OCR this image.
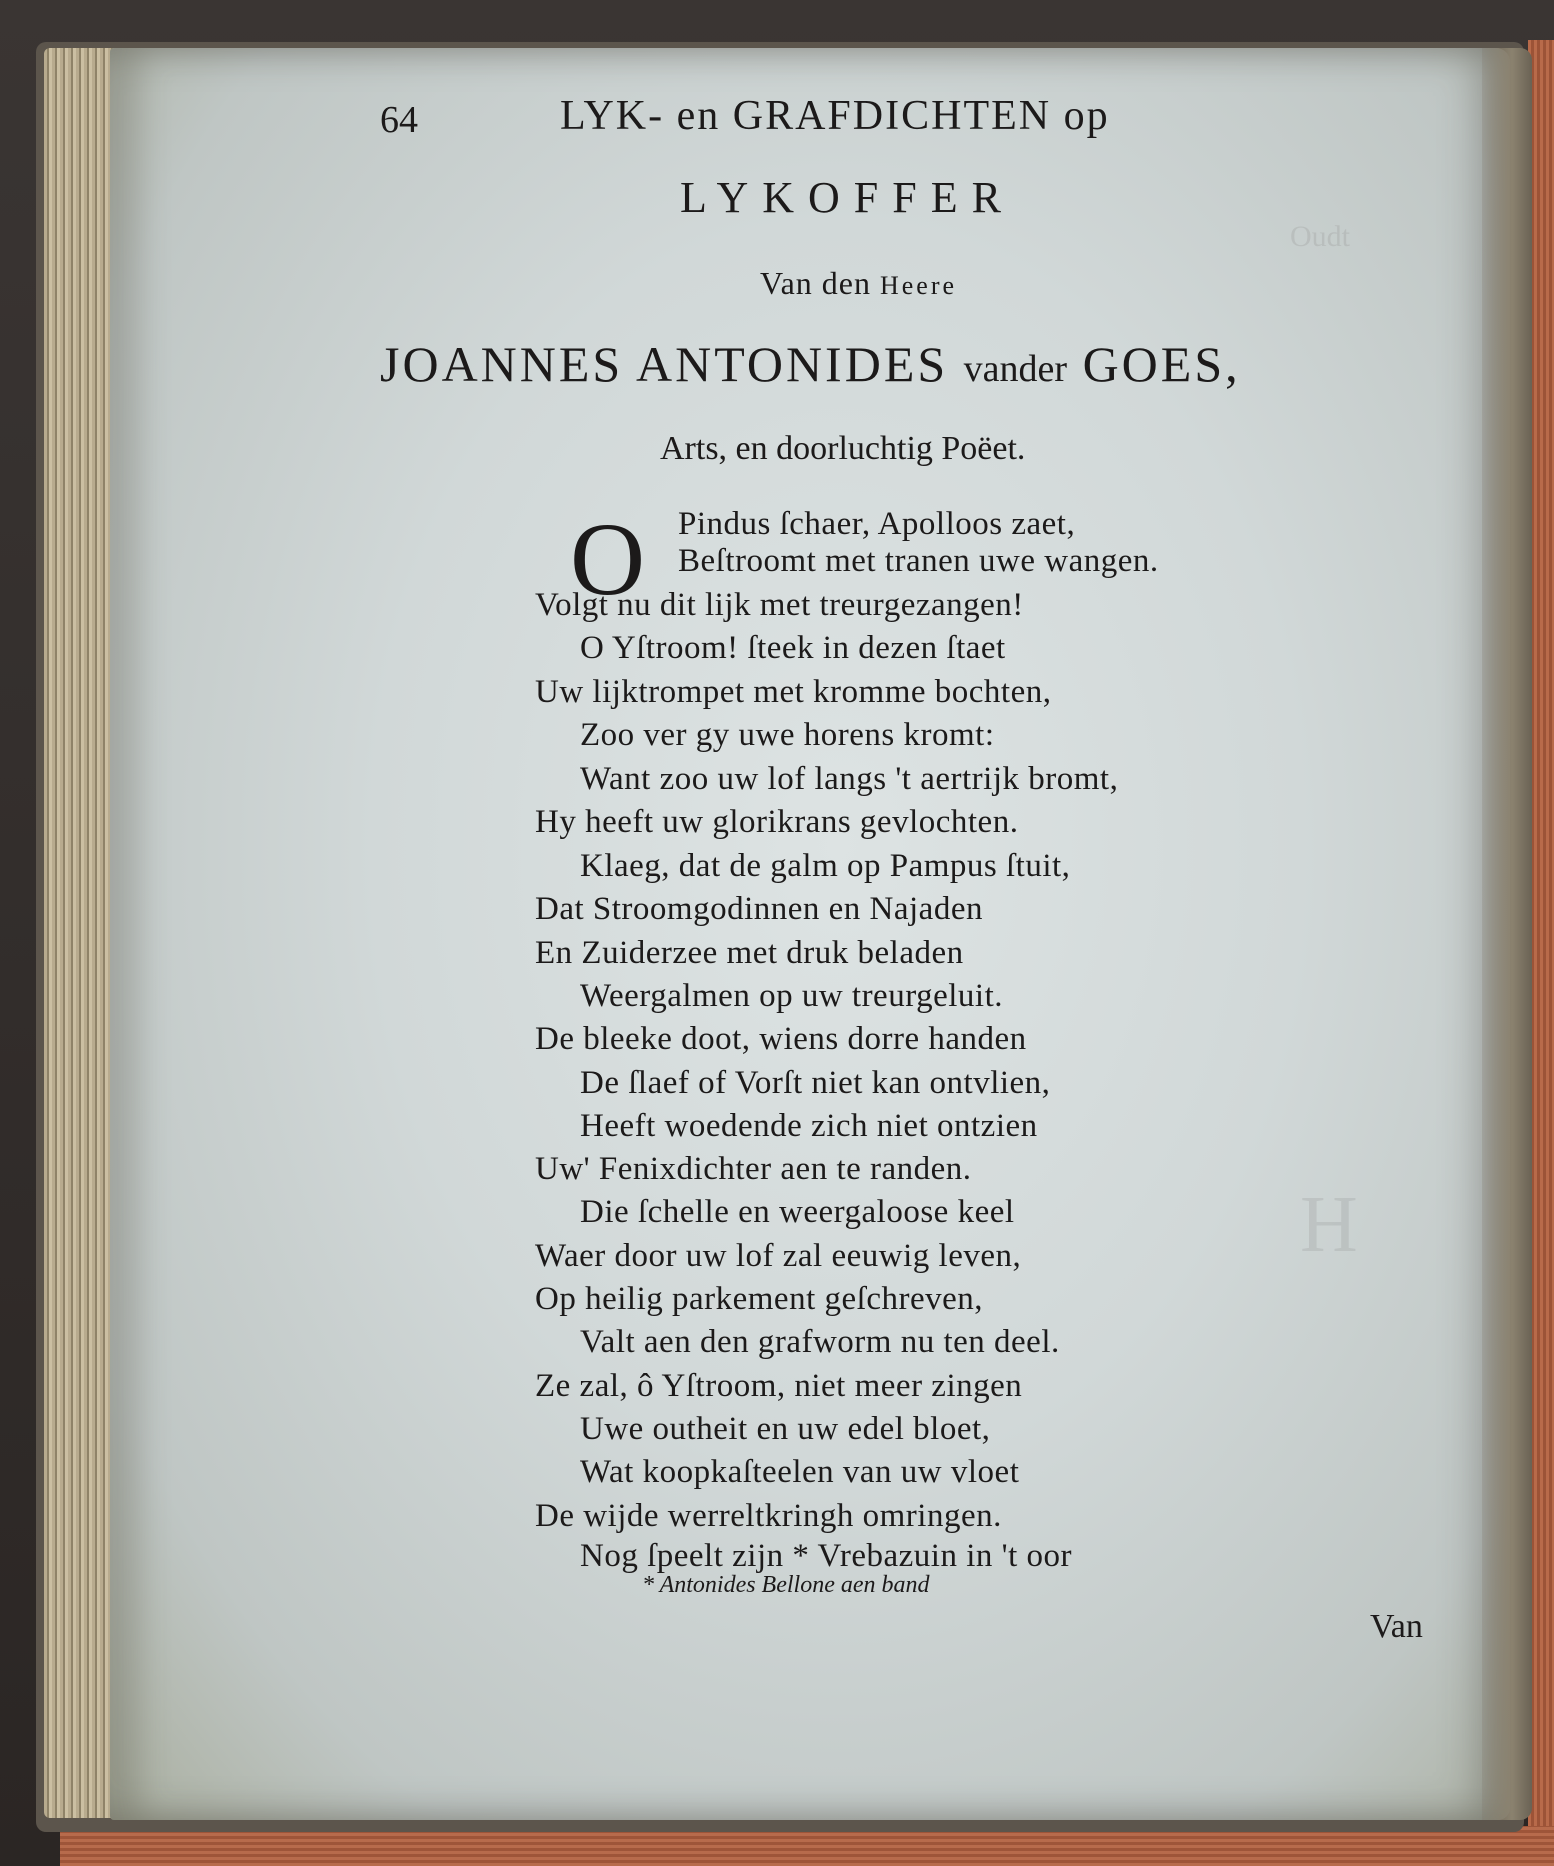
Oudt
H
64	LYK- en GRAFDICHTEN op
LYKOFFER
Van den Heere
JOANNES ANTONIDES vander GOES,
Arts, en doorluchtig Poëet.
O Pindus ſchaer, Apolloos zaet,
Beſtroomt met tranen uwe wangen.
Volgt nu dit lijk met treurgezangen!
O Yſtroom! ſteek in dezen ſtaet
Uw lijktrompet met kromme bochten,
Zoo ver gy uwe horens kromt:
Want zoo uw lof langs 't aertrijk bromt,
Hy heeft uw glorikrans gevlochten.
Klaeg, dat de galm op Pampus ſtuit,
Dat Stroomgodinnen en Najaden
En Zuiderzee met druk beladen
Weergalmen op uw treurgeluit.
De bleeke doot, wiens dorre handen
De ſlaef of Vorſt niet kan ontvlien,
Heeft woedende zich niet ontzien
Uw' Fenixdichter aen te randen.
Die ſchelle en weergaloose keel
Waer door uw lof zal eeuwig leven,
Op heilig parkement geſchreven,
Valt aen den grafworm nu ten deel.
Ze zal, ô Yſtroom, niet meer zingen
Uwe outheit en uw edel bloet,
Wat koopkaſteelen van uw vloet
De wijde werreltkringh omringen.
Nog ſpeelt zijn * Vrebazuin in 't oor
* Antonides Bellone aen band
Van
